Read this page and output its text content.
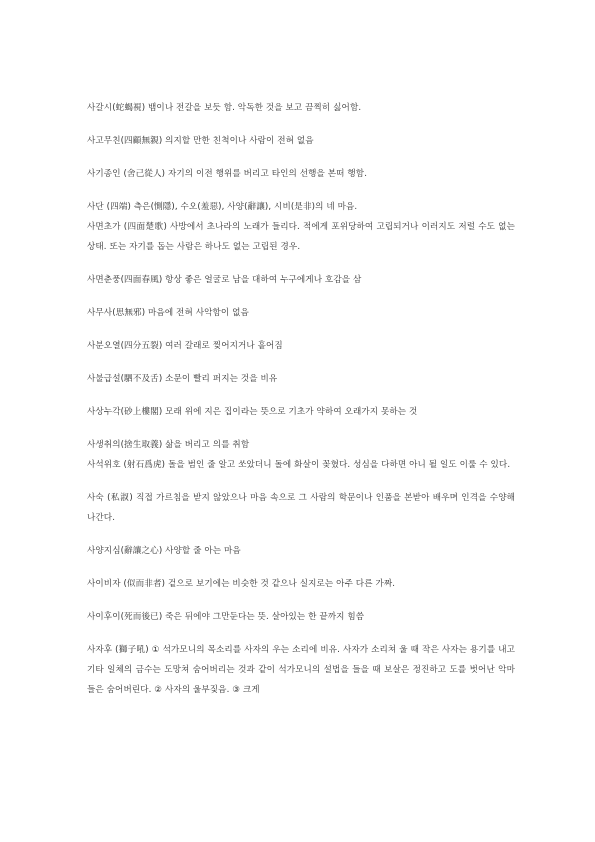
사갈시(蛇蝎視) 뱀이나 전갈을 보듯 함. 악독한 것을 보고 끔찍히 싫어함.

사고무친(四顧無親) 의지할 만한 친척이나 사람이 전혀 없음

사기종인 (舍己從人) 자기의 이전 행위를 버리고 타인의 선행을 본떠 행함.

사단 (四端) 측은(惻隱), 수오(羞惡), 사양(辭讓), 시비(是非)의 네 마음.

사면초가 (四面楚歌) 사방에서 초나라의 노래가 들리다. 적에게 포위당하여 고립되거나 이러지도 저럴 수도 없는 상태. 또는 자기를 돕는 사람은 하나도 없는 고립된 경우.

사면춘풍(四面春風) 항상 좋은 얼굴로 남을 대하여 누구에게나 호감을 삼

사무사(思無邪) 마음에 전혀 사악함이 없음

사분오열(四分五裂) 여러 갈래로 찢어지거나 흩어짐

사불급설(駟不及舌) 소문이 빨리 퍼지는 것을 비유

사상누각(砂上樓閣) 모래 위에 지은 집이라는 뜻으로 기초가 약하여 오래가지 못하는 것

사생취의(捨生取義) 삶을 버리고 의를 취함

사석위호 (射石爲虎) 돌을 범인 줄 알고 쏘았더니 돌에 화살이 꽂혔다. 성심을 다하면 아니 될 일도 이룰 수 있다.

사숙 (私淑) 직접 가르침을 받지 않았으나 마음 속으로 그 사람의 학문이나 인품을 본받아 배우며 인격을 수양해 나간다.

사양지심(辭讓之心) 사양할 줄 아는 마음

사이비자 (似而非者) 겉으로 보기에는 비슷한 것 같으나 실지로는 아주 다른 가짜.

사이후이(死而後已) 죽은 뒤에야 그만둔다는 뜻. 살아있는 한 끝까지 힘씀

사자후 (獅子吼) ① 석가모니의 목소리를 사자의 우는 소리에 비유. 사자가 소리쳐 울 때 작은 사자는 용기를 내고 기타 일체의 금수는 도망쳐 숨어버리는 것과 같이 석가모니의 설법을 들을 때 보살은 정진하고 도를 벗어난 악마들은 숨어버린다. ② 사자의 울부짖음. ③ 크게
